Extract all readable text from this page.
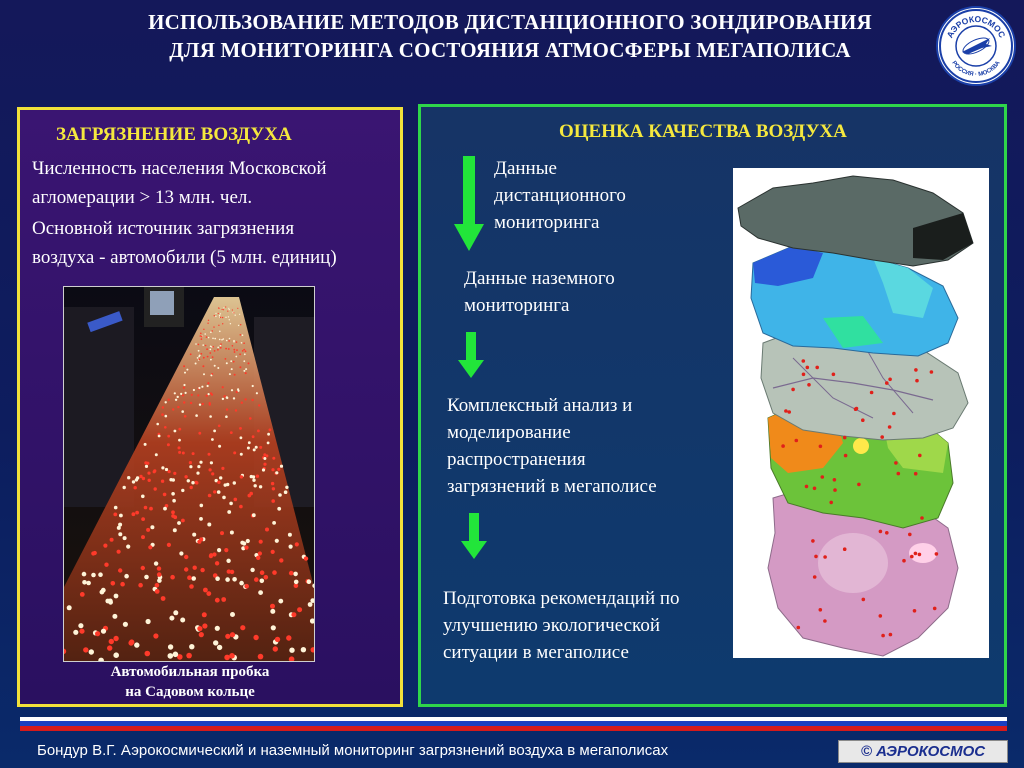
ИСПОЛЬЗОВАНИЕ МЕТОДОВ ДИСТАНЦИОННОГО ЗОНДИРОВАНИЯ
ДЛЯ МОНИТОРИНГА СОСТОЯНИЯ АТМОСФЕРЫ МЕГАПОЛИСА
АЭРОКОСМОС
РОССИЯ · МОСКВА
ЗАГРЯЗНЕНИЕ ВОЗДУХА
Численность населения Московской
агломерации > 13 млн. чел.
Основной источник загрязнения
воздуха - автомобили (5 млн. единиц)
Автомобильная пробка
на Садовом кольце
ОЦЕНКА КАЧЕСТВА ВОЗДУХА
Данные
дистанционного
мониторинга
Данные наземного
мониторинга
Комплексный анализ и
моделирование
распространения
загрязнений в мегаполисе
Подготовка рекомендаций по
улучшению экологической
ситуации в мегаполисе
Бондур В.Г. Аэрокосмический и наземный мониторинг загрязнений воздуха в мегаполисах	© АЭРОКОСМОС
